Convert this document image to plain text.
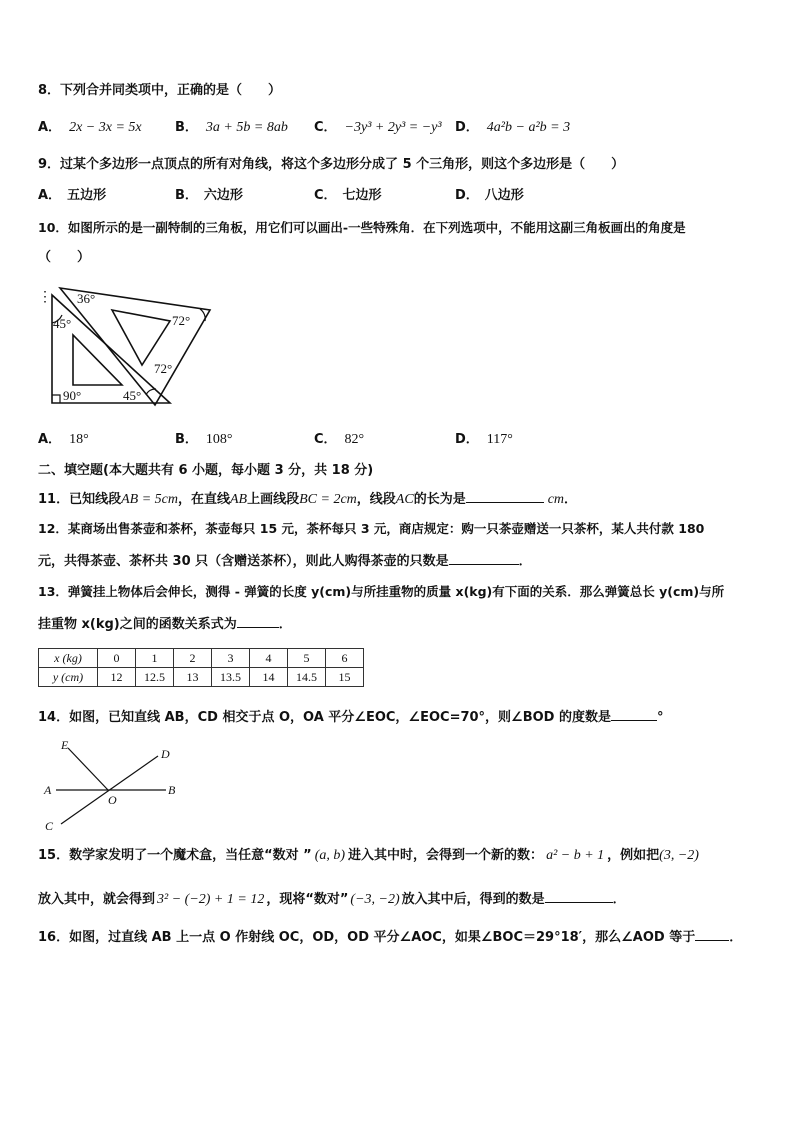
8．下列合并同类项中，正确的是（　　）
A． 2x − 3x = 5x	B． 3a + 5b = 8ab C． −3y³ + 2y³ = −y³ D． 4a²b − a²b = 3
9．过某个多边形一点顶点的所有对角线，将这个多边形分成了 5 个三角形，则这个多边形是（　　）
A． 五边形	B． 六边形	C． 七边形	D． 八边形
10．如图所示的是一副特制的三角板，用它们可以画出-一些特殊角．在下列选项中，不能用这副三角板画出的角度是
（　　）
⋮ 36°
72°
45°
72°
90°	45°
A． 18°	B． 108°	C． 82°	D． 117°
二、填空题(本大题共有 6 小题，每小题 3 分，共 18 分)
11．已知线段AB = 5cm，在直线AB上画线段BC = 2cm，线段AC的长为是	cm．
12．某商场出售茶壶和茶杯，茶壶每只 15 元，茶杯每只 3 元，商店规定：购一只茶壶赠送一只茶杯，某人共付款 180
元，共得茶壶、茶杯共 30 只（含赠送茶杯），则此人购得茶壶的只数是	．
13．弹簧挂上物体后会伸长，测得 - 弹簧的长度 y(cm)与所挂重物的质量 x(kg)有下面的关系．那么弹簧总长 y(cm)与所
挂重物 x(kg)之间的函数关系式为	．
x (kg)	0	1	2	3	4	5	6
y (cm)	12	12.5	13	13.5	14	14.5	15
14．如图，已知直线 AB，CD 相交于点 O，OA 平分∠EOC，∠EOC=70°，则∠BOD 的度数是	°
E
D
A
O
B
C
15．数学家发明了一个魔术盒，当任意“数对 ” (a, b) 进入其中时，会得到一个新的数： a² − b + 1 ，例如把(3, −2)
放入其中，就会得到 3² − (−2) + 1 = 12 ，现将“数对” (−3, −2) 放入其中后，得到的数是	．
16．如图，过直线 AB 上一点 O 作射线 OC，OD，OD 平分∠AOC，如果∠BOC＝29°18′，那么∠AOD 等于	．
